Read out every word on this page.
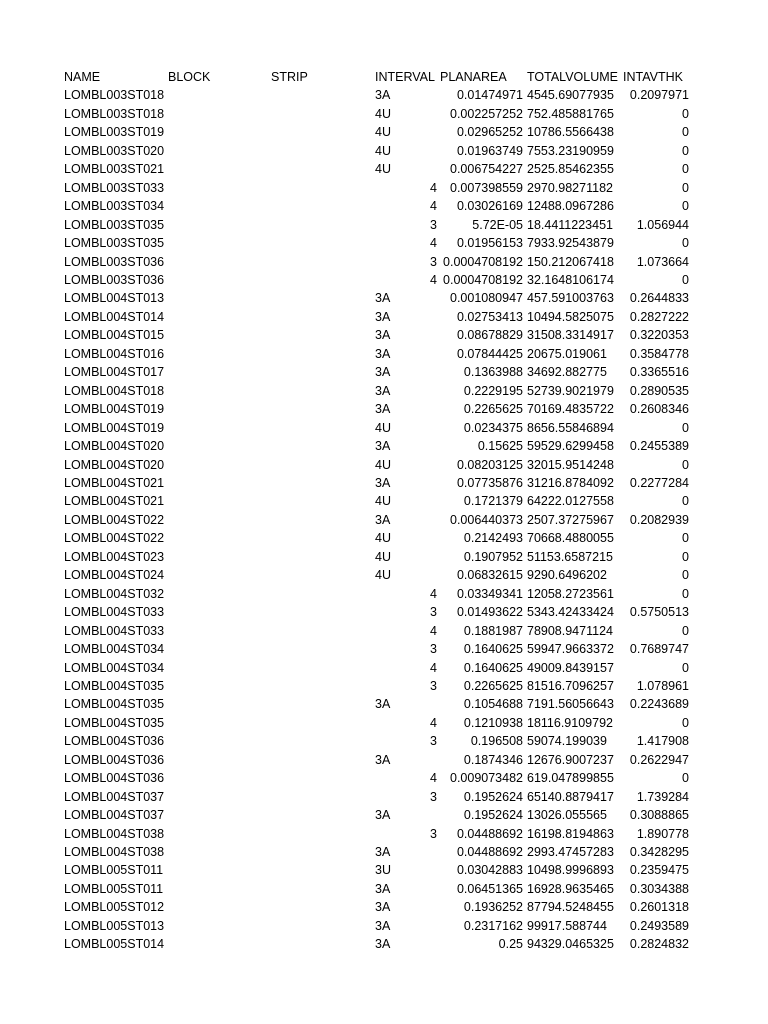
NAME	BLOCK	STRIP	INTERVAL	PLANAREA	TOTALVOLUME	INTAVTHK
LOMBL003ST018			3A	0.01474971	4545.69077935	0.2097971
LOMBL003ST018			4U	0.002257252	752.485881765	0
LOMBL003ST019			4U	0.02965252	10786.5566438	0
LOMBL003ST020			4U	0.01963749	7553.23190959	0
LOMBL003ST021			4U	0.006754227	2525.85462355	0
LOMBL003ST033			4	0.007398559	2970.98271182	0
LOMBL003ST034			4	0.03026169	12488.0967286	0
LOMBL003ST035			3	5.72E-05	18.4411223451	1.056944
LOMBL003ST035			4	0.01956153	7933.92543879	0
LOMBL003ST036			3	0.0004708192	150.212067418	1.073664
LOMBL003ST036			4	0.0004708192	32.1648106174	0
LOMBL004ST013			3A	0.001080947	457.591003763	0.2644833
LOMBL004ST014			3A	0.02753413	10494.5825075	0.2827222
LOMBL004ST015			3A	0.08678829	31508.3314917	0.3220353
LOMBL004ST016			3A	0.07844425	20675.019061	0.3584778
LOMBL004ST017			3A	0.1363988	34692.882775	0.3365516
LOMBL004ST018			3A	0.2229195	52739.9021979	0.2890535
LOMBL004ST019			3A	0.2265625	70169.4835722	0.2608346
LOMBL004ST019			4U	0.0234375	8656.55846894	0
LOMBL004ST020			3A	0.15625	59529.6299458	0.2455389
LOMBL004ST020			4U	0.08203125	32015.9514248	0
LOMBL004ST021			3A	0.07735876	31216.8784092	0.2277284
LOMBL004ST021			4U	0.1721379	64222.0127558	0
LOMBL004ST022			3A	0.006440373	2507.37275967	0.2082939
LOMBL004ST022			4U	0.2142493	70668.4880055	0
LOMBL004ST023			4U	0.1907952	51153.6587215	0
LOMBL004ST024			4U	0.06832615	9290.6496202	0
LOMBL004ST032			4	0.03349341	12058.2723561	0
LOMBL004ST033			3	0.01493622	5343.42433424	0.5750513
LOMBL004ST033			4	0.1881987	78908.9471124	0
LOMBL004ST034			3	0.1640625	59947.9663372	0.7689747
LOMBL004ST034			4	0.1640625	49009.8439157	0
LOMBL004ST035			3	0.2265625	81516.7096257	1.078961
LOMBL004ST035			3A	0.1054688	7191.56056643	0.2243689
LOMBL004ST035			4	0.1210938	18116.9109792	0
LOMBL004ST036			3	0.196508	59074.199039	1.417908
LOMBL004ST036			3A	0.1874346	12676.9007237	0.2622947
LOMBL004ST036			4	0.009073482	619.047899855	0
LOMBL004ST037			3	0.1952624	65140.8879417	1.739284
LOMBL004ST037			3A	0.1952624	13026.055565	0.3088865
LOMBL004ST038			3	0.04488692	16198.8194863	1.890778
LOMBL004ST038			3A	0.04488692	2993.47457283	0.3428295
LOMBL005ST011			3U	0.03042883	10498.9996893	0.2359475
LOMBL005ST011			3A	0.06451365	16928.9635465	0.3034388
LOMBL005ST012			3A	0.1936252	87794.5248455	0.2601318
LOMBL005ST013			3A	0.2317162	99917.588744	0.2493589
LOMBL005ST014			3A	0.25	94329.0465325	0.2824832
